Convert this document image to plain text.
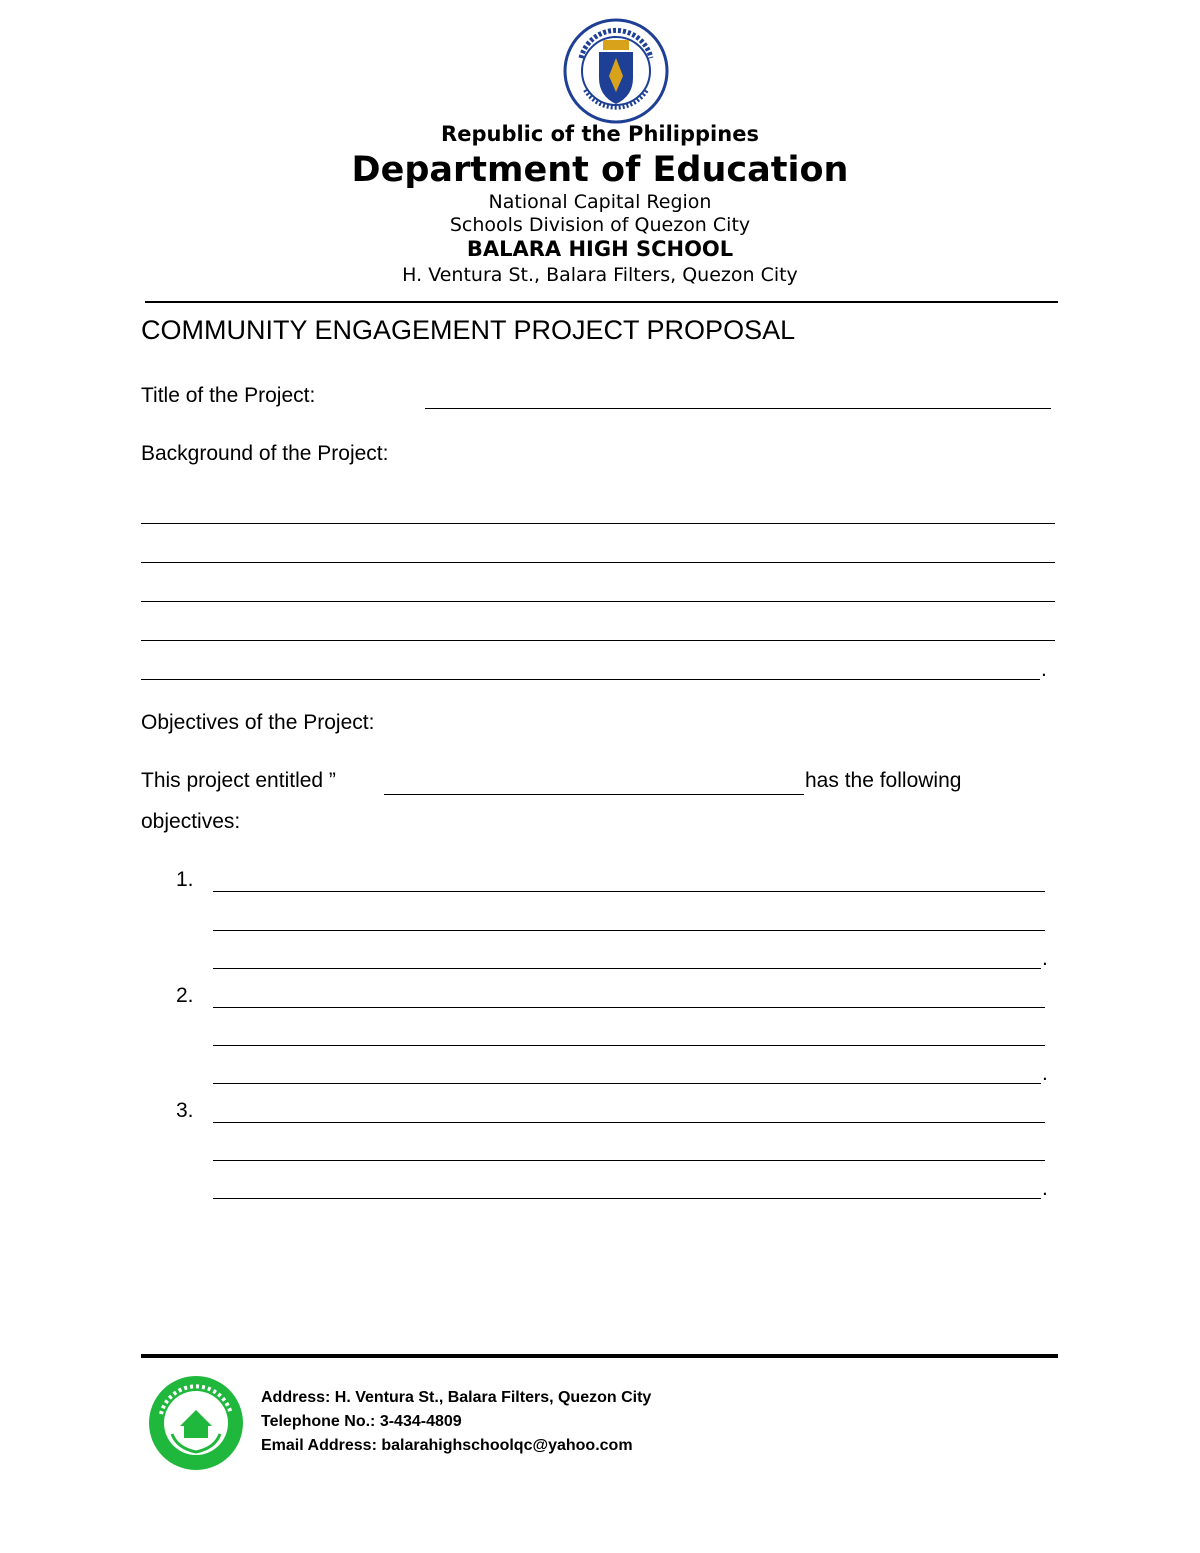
Republic of the Philippines
Department of Education
National Capital Region
Schools Division of Quezon City
BALARA HIGH SCHOOL
H. Ventura St., Balara Filters, Quezon City
COMMUNITY ENGAGEMENT PROJECT PROPOSAL
Title of the Project:
Background of the Project:
.
Objectives of the Project:
This project entitled ”	has the following
objectives:
1.
.
2.
.
3.
.
Address: H. Ventura St., Balara Filters, Quezon City
Telephone No.: 3-434-4809
Email Address: balarahighschoolqc@yahoo.com
